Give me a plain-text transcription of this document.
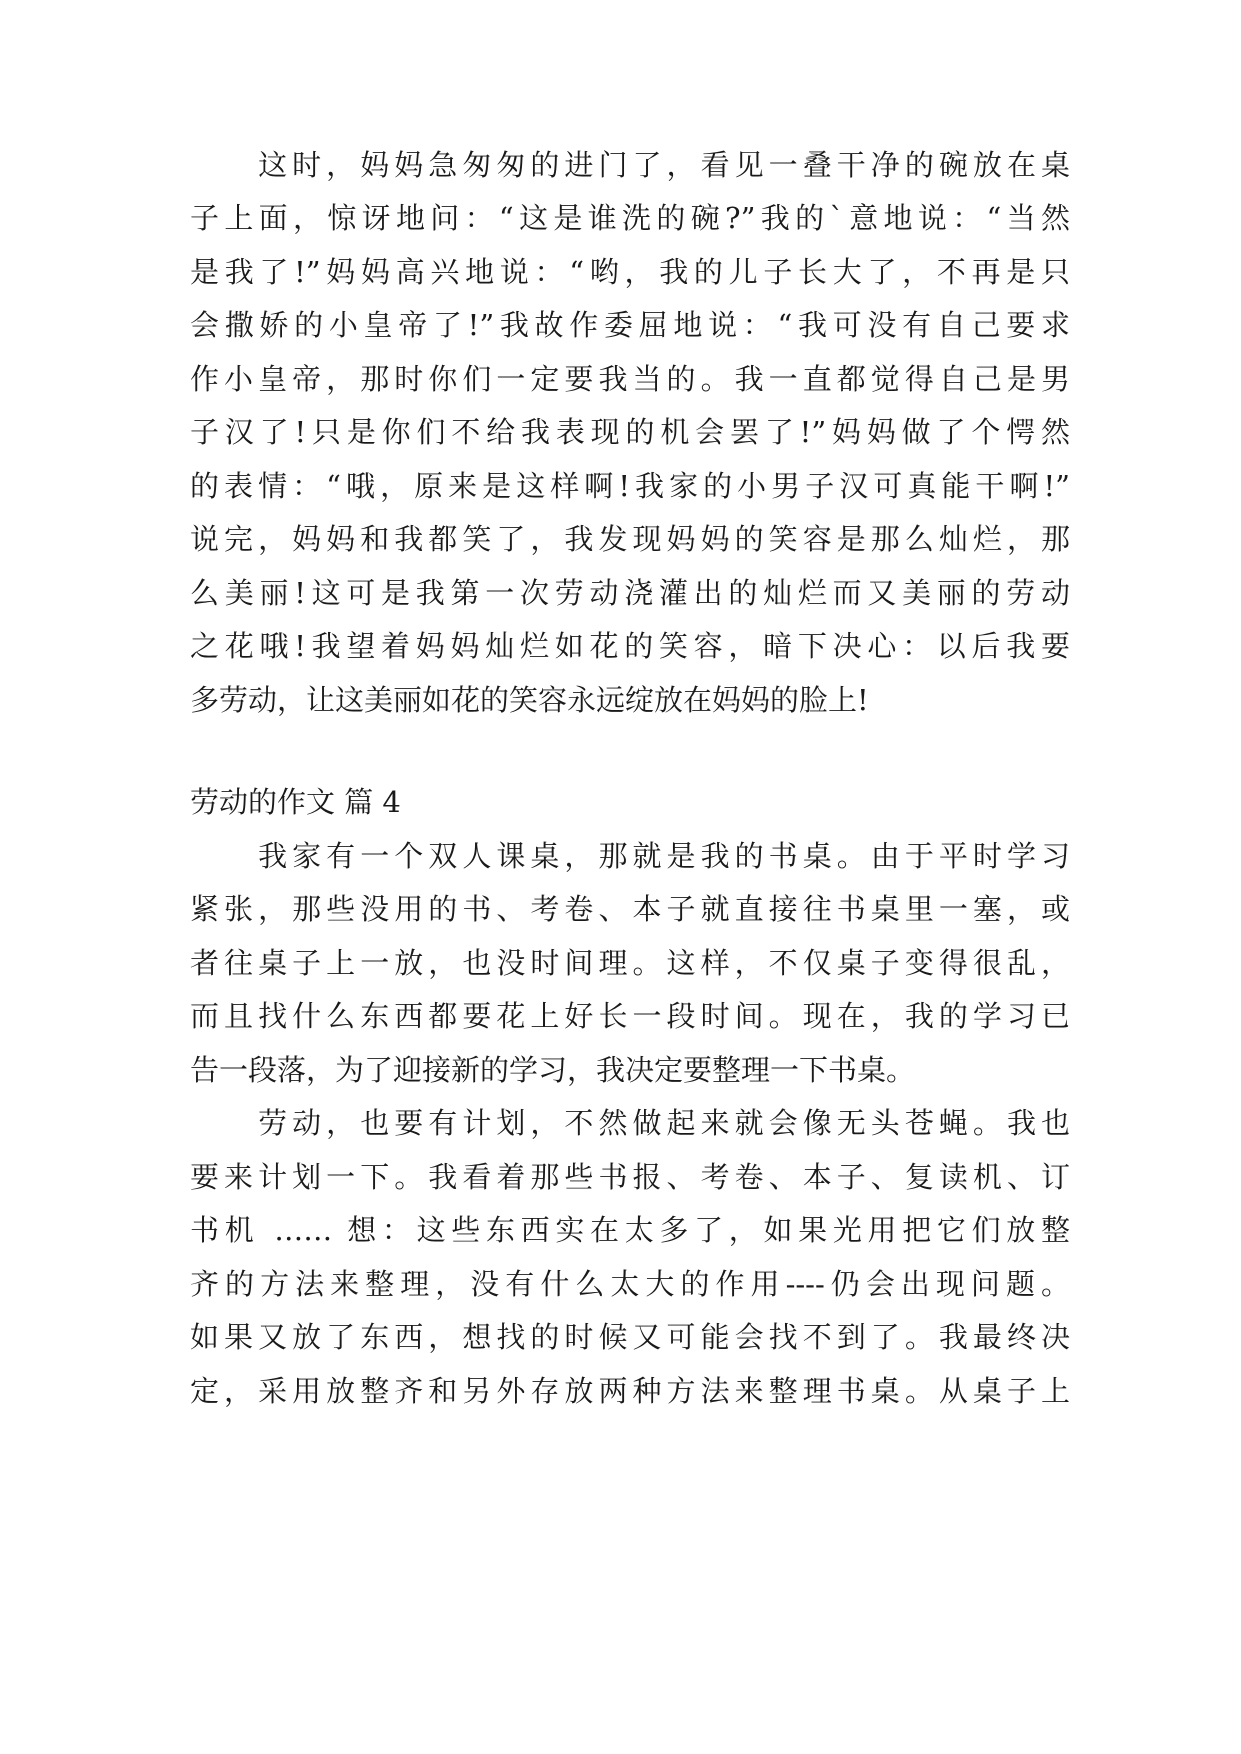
　　这时，妈妈急匆匆的进门了，看见一叠干净的碗放在桌
子上面，惊讶地问：“这是谁洗的碗?”我的`意地说：“当然
是我了!”妈妈高兴地说：“哟，我的儿子长大了，不再是只
会撒娇的小皇帝了!”我故作委屈地说：“我可没有自己要求
作小皇帝，那时你们一定要我当的。我一直都觉得自己是男
子汉了!只是你们不给我表现的机会罢了!”妈妈做了个愕然
的表情：“哦，原来是这样啊!我家的小男子汉可真能干啊!”
说完，妈妈和我都笑了，我发现妈妈的笑容是那么灿烂，那
么美丽!这可是我第一次劳动浇灌出的灿烂而又美丽的劳动
之花哦!我望着妈妈灿烂如花的笑容，暗下决心：以后我要
多劳动，让这美丽如花的笑容永远绽放在妈妈的脸上!
劳动的作文 篇 4
　　我家有一个双人课桌，那就是我的书桌。由于平时学习
紧张，那些没用的书、考卷、本子就直接往书桌里一塞，或
者往桌子上一放，也没时间理。这样，不仅桌子变得很乱，
而且找什么东西都要花上好长一段时间。现在，我的学习已
告一段落，为了迎接新的学习，我决定要整理一下书桌。
　　劳动，也要有计划，不然做起来就会像无头苍蝇。我也
要来计划一下。我看着那些书报、考卷、本子、复读机、订
书机 …… 想：这些东西实在太多了，如果光用把它们放整
齐的方法来整理，没有什么太大的作用----仍会出现问题。
如果又放了东西，想找的时候又可能会找不到了。我最终决
定，采用放整齐和另外存放两种方法来整理书桌。从桌子上
